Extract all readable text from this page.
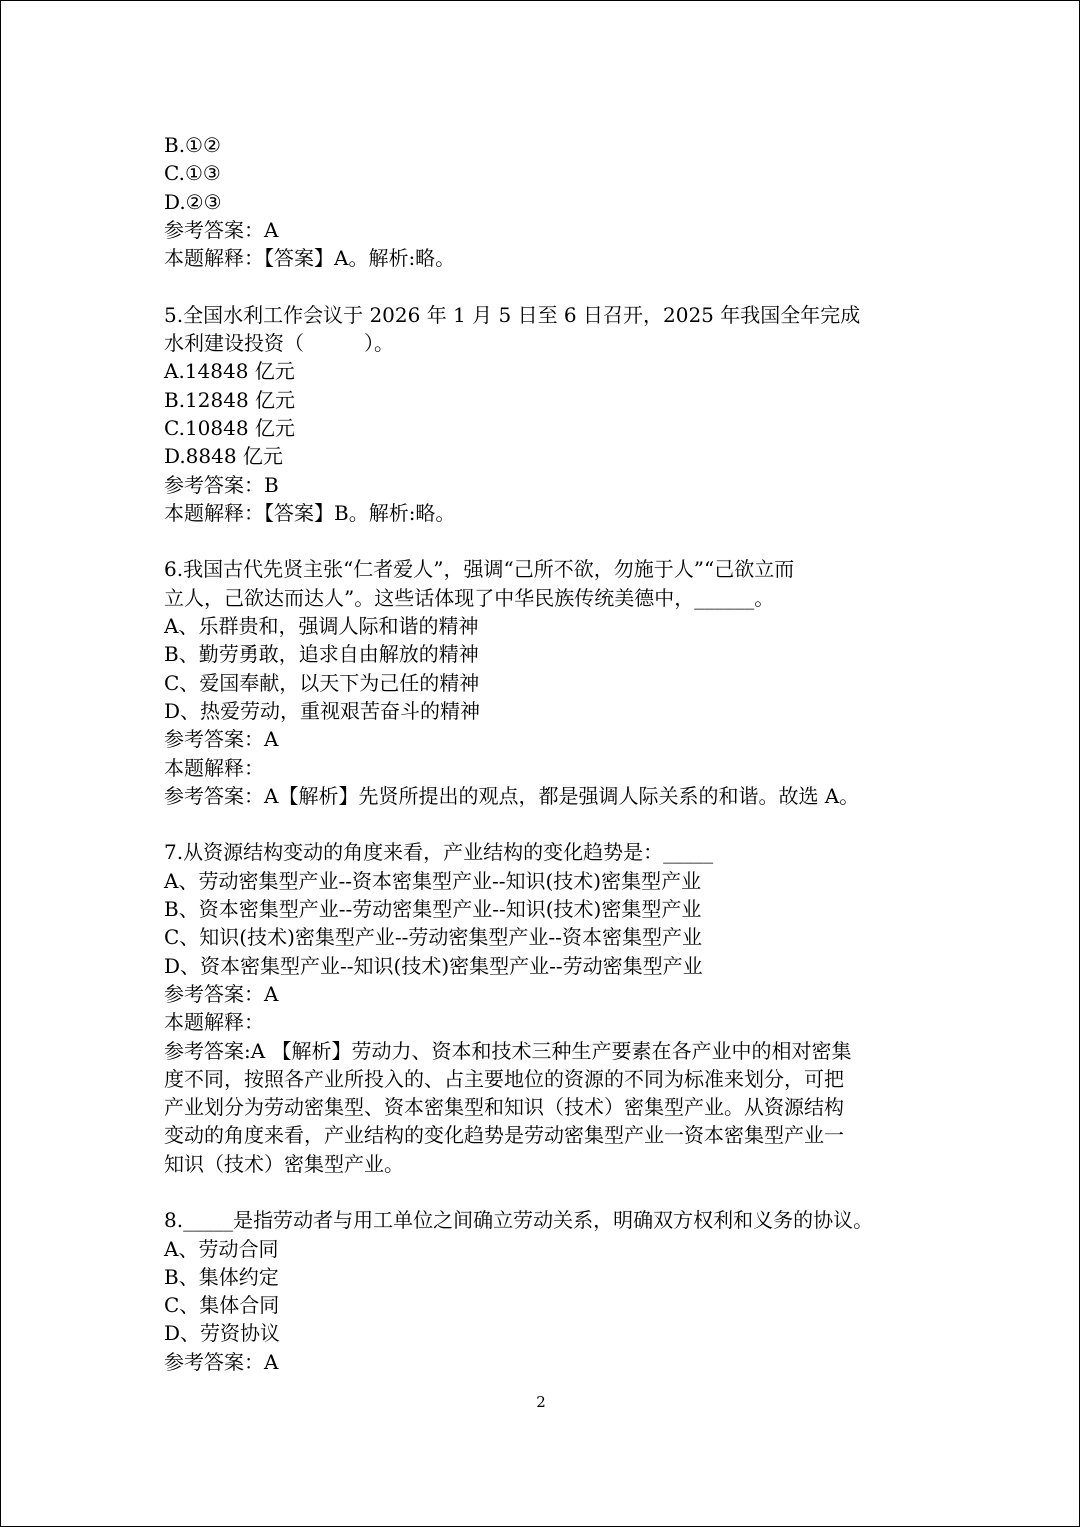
B.①②
C.①③
D.②③
参考答案：A
本题解释：【答案】A。解析:略。
5.全国水利工作会议于 2026 年 1 月 5 日至 6 日召开，2025 年我国全年完成
水利建设投资（　　　）。
A.14848 亿元
B.12848 亿元
C.10848 亿元
D.8848 亿元
参考答案：B
本题解释：【答案】B。解析:略。
6.我国古代先贤主张“仁者爱人”，强调“己所不欲，勿施于人”“己欲立而
立人，己欲达而达人”。这些话体现了中华民族传统美德中，______。
A、乐群贵和，强调人际和谐的精神
B、勤劳勇敢，追求自由解放的精神
C、爱国奉献，以天下为己任的精神
D、热爱劳动，重视艰苦奋斗的精神
参考答案：A
本题解释：
参考答案：A【解析】先贤所提出的观点，都是强调人际关系的和谐。故选 A。
7.从资源结构变动的角度来看，产业结构的变化趋势是：_____
A、劳动密集型产业--资本密集型产业--知识(技术)密集型产业
B、资本密集型产业--劳动密集型产业--知识(技术)密集型产业
C、知识(技术)密集型产业--劳动密集型产业--资本密集型产业
D、资本密集型产业--知识(技术)密集型产业--劳动密集型产业
参考答案：A
本题解释：
参考答案:A 【解析】劳动力、资本和技术三种生产要素在各产业中的相对密集
度不同，按照各产业所投入的、占主要地位的资源的不同为标准来划分，可把
产业划分为劳动密集型、资本密集型和知识（技术）密集型产业。从资源结构
变动的角度来看，产业结构的变化趋势是劳动密集型产业一资本密集型产业一
知识（技术）密集型产业。
8._____是指劳动者与用工单位之间确立劳动关系，明确双方权利和义务的协议。
A、劳动合同
B、集体约定
C、集体合同
D、劳资协议
参考答案：A
2
